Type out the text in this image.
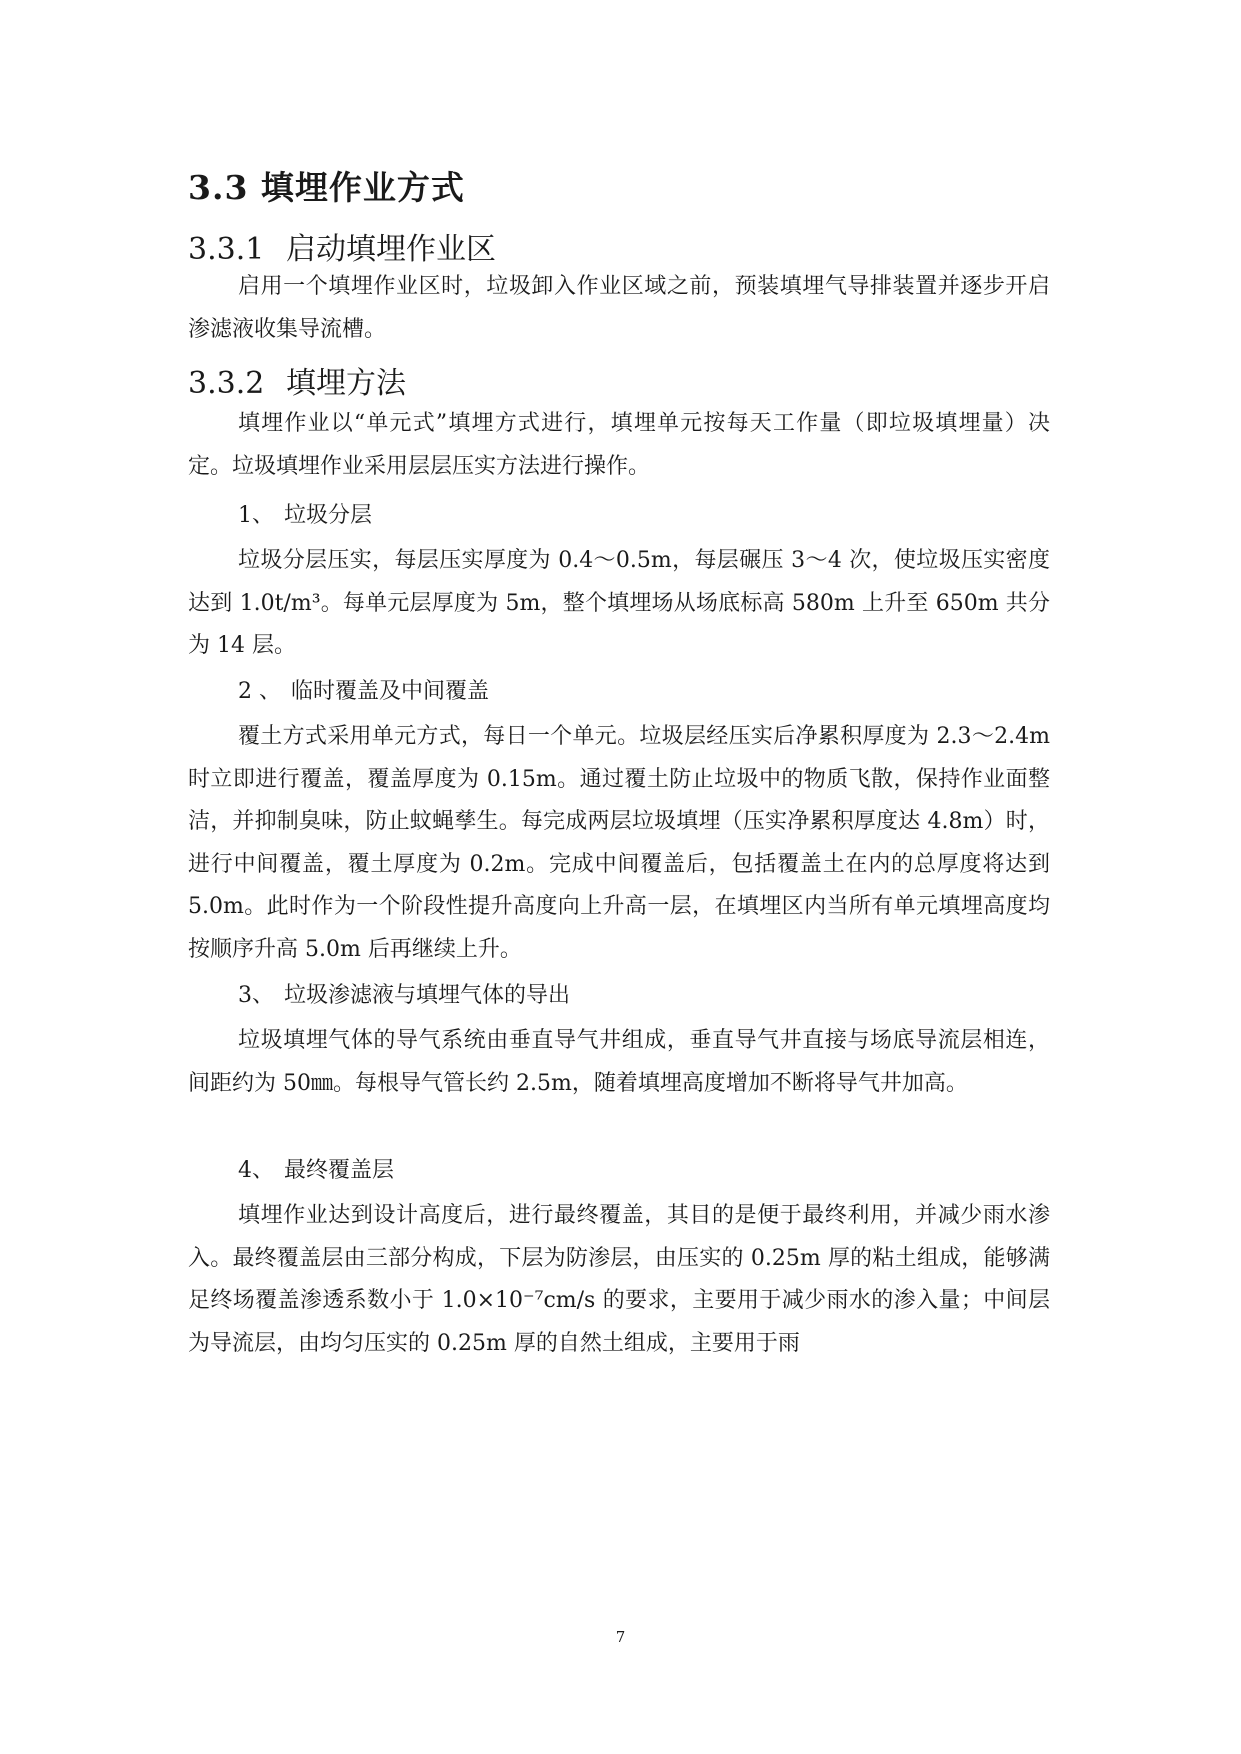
3.3 填埋作业方式
3.3.1 启动填埋作业区

启用一个填埋作业区时，垃圾卸入作业区域之前，预装填埋气导排装置并逐步开启渗滤液收集导流槽。

3.3.2 填埋方法

填埋作业以“单元式”填埋方式进行，填埋单元按每天工作量（即垃圾填埋量）决定。垃圾填埋作业采用层层压实方法进行操作。

1、 垃圾分层

垃圾分层压实，每层压实厚度为 0.4～0.5m，每层碾压 3～4 次，使垃圾压实密度达到 1.0t/m³。每单元层厚度为 5m，整个填埋场从场底标高 580m 上升至 650m 共分为 14 层。

2 、 临时覆盖及中间覆盖

覆土方式采用单元方式，每日一个单元。垃圾层经压实后净累积厚度为 2.3～2.4m 时立即进行覆盖，覆盖厚度为 0.15m。通过覆土防止垃圾中的物质飞散，保持作业面整洁，并抑制臭味，防止蚊蝇孳生。每完成两层垃圾填埋（压实净累积厚度达 4.8m）时，进行中间覆盖，覆土厚度为 0.2m。完成中间覆盖后，包括覆盖土在内的总厚度将达到 5.0m。此时作为一个阶段性提升高度向上升高一层，在填埋区内当所有单元填埋高度均按顺序升高 5.0m 后再继续上升。

3、 垃圾渗滤液与填埋气体的导出

垃圾填埋气体的导气系统由垂直导气井组成，垂直导气井直接与场底导流层相连，间距约为 50㎜。每根导气管长约 2.5m，随着填埋高度增加不断将导气井加高。

4、 最终覆盖层

填埋作业达到设计高度后，进行最终覆盖，其目的是便于最终利用，并减少雨水渗入。最终覆盖层由三部分构成，下层为防渗层，由压实的 0.25m 厚的粘土组成，能够满足终场覆盖渗透系数小于 1.0×10⁻⁷cm/s 的要求，主要用于减少雨水的渗入量；中间层为导流层，由均匀压实的 0.25m 厚的自然土组成，主要用于雨

7
